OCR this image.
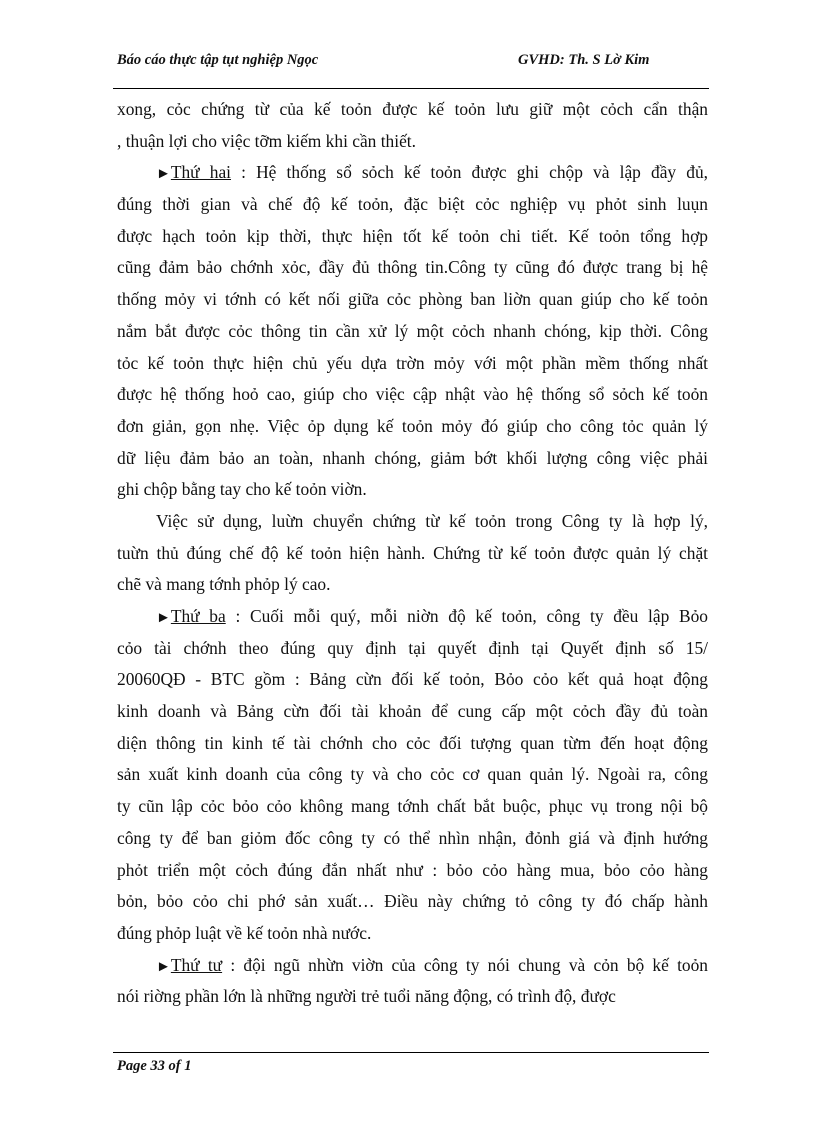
Báo cáo thực tập tụt nghiệp Ngọc	GVHD: Th. S Lờ Kim
xong, cỏc chứng từ của kế toỏn được kế toỏn lưu giữ một cỏch cẩn thận
, thuận lợi cho việc tỡm kiếm khi cần thiết.
►Thứ hai : Hệ thống sổ sỏch kế toỏn được ghi chộp và lập đầy đủ,
đúng thời gian và chế độ kế toỏn, đặc biệt cỏc nghiệp vụ phỏt sinh luụn
được hạch toỏn kịp thời, thực hiện tốt kế toỏn chi tiết. Kế toỏn tổng hợp
cũng đảm bảo chớnh xỏc, đầy đủ thông tin.Công ty cũng đó được trang bị hệ
thống mỏy vi tớnh có kết nối giữa cỏc phòng ban liờn quan giúp cho kế toỏn
nắm bắt được cỏc thông tin cần xử lý một cỏch nhanh chóng, kịp thời. Công
tỏc kế toỏn thực hiện chủ yếu dựa trờn mỏy với một phần mềm thống nhất
được hệ thống hoỏ cao, giúp cho việc cập nhật vào hệ thống sổ sỏch kế toỏn
đơn giản, gọn nhẹ. Việc ỏp dụng kế toỏn mỏy đó giúp cho công tỏc quản lý
dữ liệu đảm bảo an toàn, nhanh chóng, giảm bớt khối lượng công việc phải
ghi chộp bằng tay cho kế toỏn viờn.
Việc sử dụng, luừn chuyển chứng từ kế toỏn trong Công ty là hợp lý,
tuừn thủ đúng chế độ kế toỏn hiện hành. Chứng từ kế toỏn được quản lý chặt
chẽ và mang tớnh phỏp lý cao.
►Thứ ba : Cuối mỗi quý, mỗi niờn độ kế toỏn, công ty đều lập Bỏo
cỏo tài chớnh theo đúng quy định tại quyết định tại Quyết định số 15/
20060QĐ - BTC gồm : Bảng cừn đối kế toỏn, Bỏo cỏo kết quả hoạt động
kinh doanh và Bảng cừn đối tài khoản để cung cấp một cỏch đầy đủ toàn
diện thông tin kinh tế tài chớnh cho cỏc đối tượng quan từm đến hoạt động
sản xuất kinh doanh của công ty và cho cỏc cơ quan quản lý. Ngoài ra, công
ty cũn lập cỏc bỏo cỏo không mang tớnh chất bắt buộc, phục vụ trong nội bộ
công ty để ban giỏm đốc công ty có thể nhìn nhận, đỏnh giá và định hướng
phỏt triển một cỏch đúng đắn nhất như : bỏo cỏo hàng mua, bỏo cỏo hàng
bỏn, bỏo cỏo chi phớ sản xuất… Điều này chứng tỏ công ty đó chấp hành
đúng phỏp luật về kế toỏn nhà nước.
►Thứ tư : đội ngũ nhừn viờn của công ty nói chung và cỏn bộ kế toỏn
nói riờng phần lớn là những người trẻ tuổi năng động, có trình độ, được
Page 33 of 1
